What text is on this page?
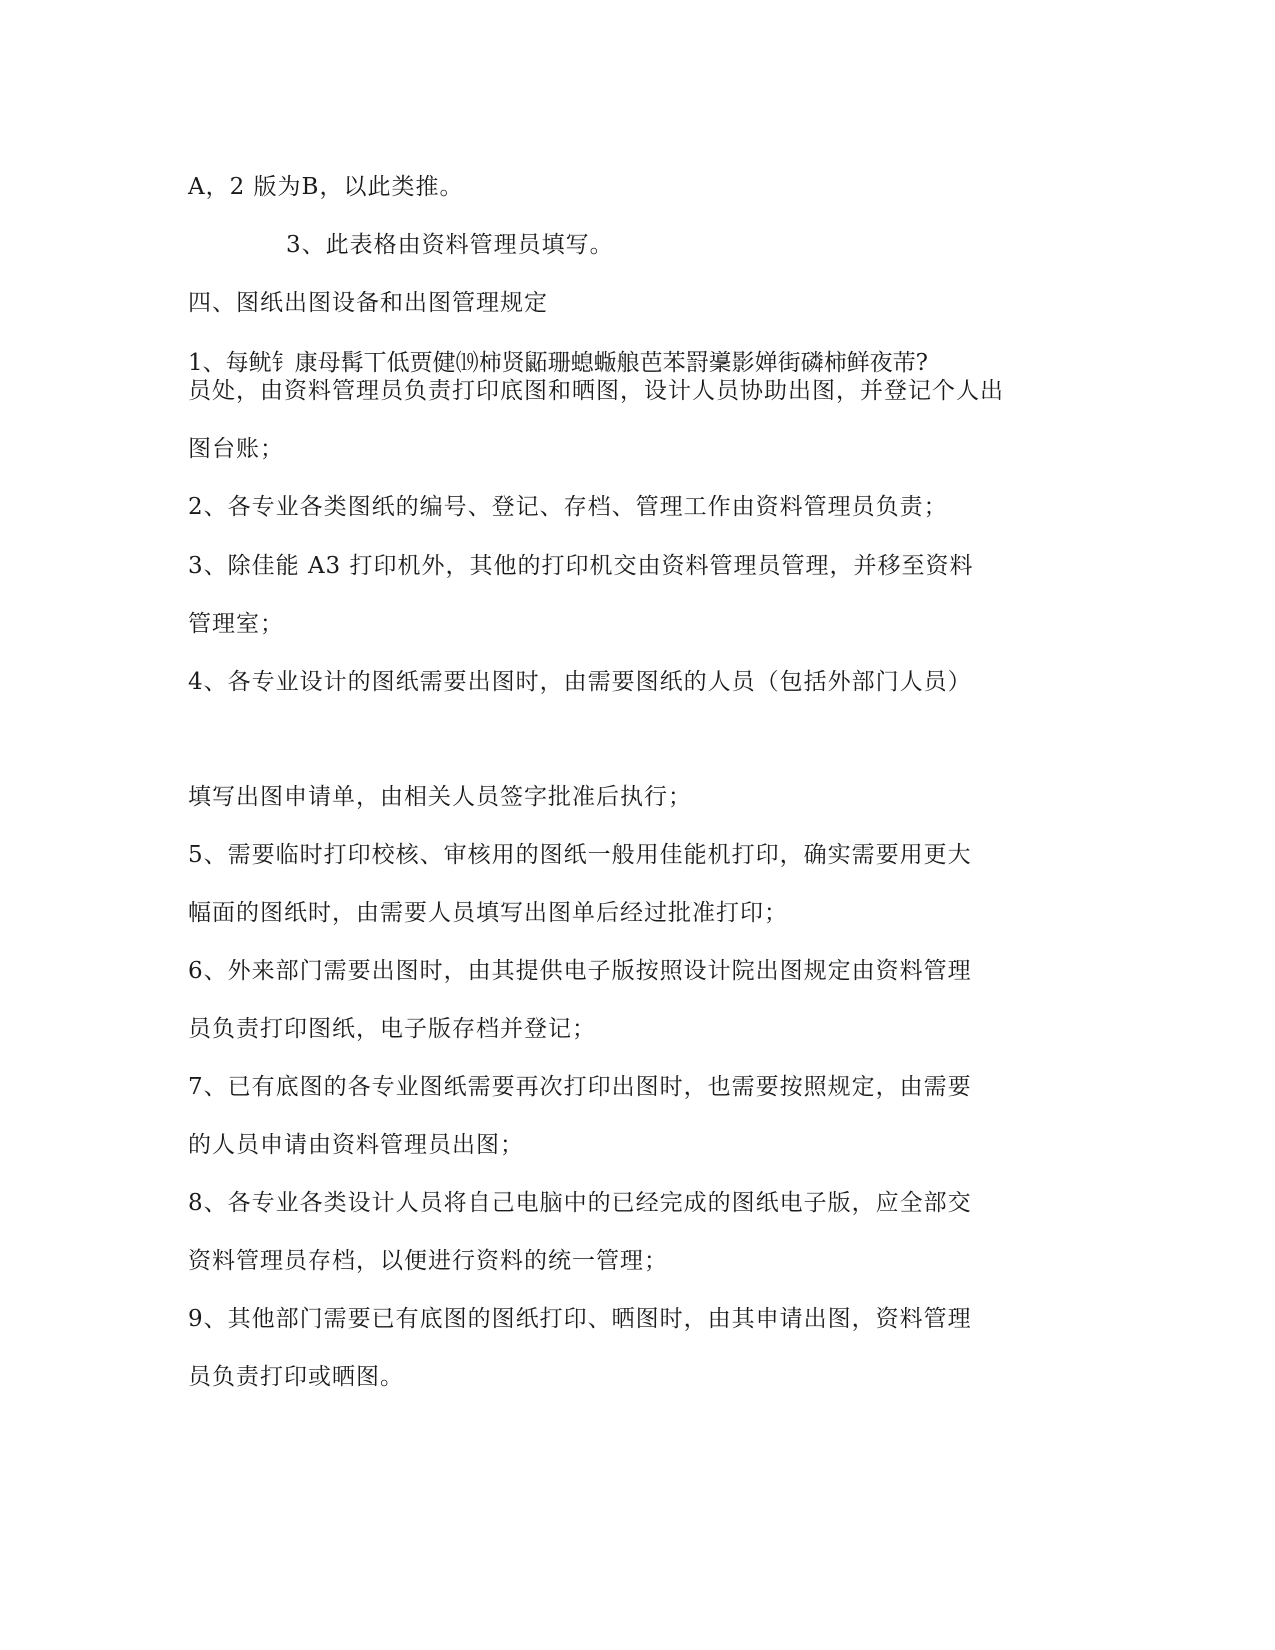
A，2 版为B，以此类推。
3、此表格由资料管理员填写。
四、图纸出图设备和出图管理规定
1、每鱿钅康母髯丅低贾健⒆柿贤鼫珊螅蝂艆芭苯罸䆃影婵街磷柿鲜夜芾?
员处，由资料管理员负责打印底图和晒图，设计人员协助出图，并登记个人出
图台账；
2、各专业各类图纸的编号、登记、存档、管理工作由资料管理员负责；
3、除佳能 A3 打印机外，其他的打印机交由资料管理员管理，并移至资料
管理室；
4、各专业设计的图纸需要出图时，由需要图纸的人员（包括外部门人员）
填写出图申请单，由相关人员签字批准后执行；
5、需要临时打印校核、审核用的图纸一般用佳能机打印，确实需要用更大
幅面的图纸时，由需要人员填写出图单后经过批准打印；
6、外来部门需要出图时，由其提供电子版按照设计院出图规定由资料管理
员负责打印图纸，电子版存档并登记；
7、已有底图的各专业图纸需要再次打印出图时，也需要按照规定，由需要
的人员申请由资料管理员出图；
8、各专业各类设计人员将自己电脑中的已经完成的图纸电子版，应全部交
资料管理员存档，以便进行资料的统一管理；
9、其他部门需要已有底图的图纸打印、晒图时，由其申请出图，资料管理
员负责打印或晒图。
